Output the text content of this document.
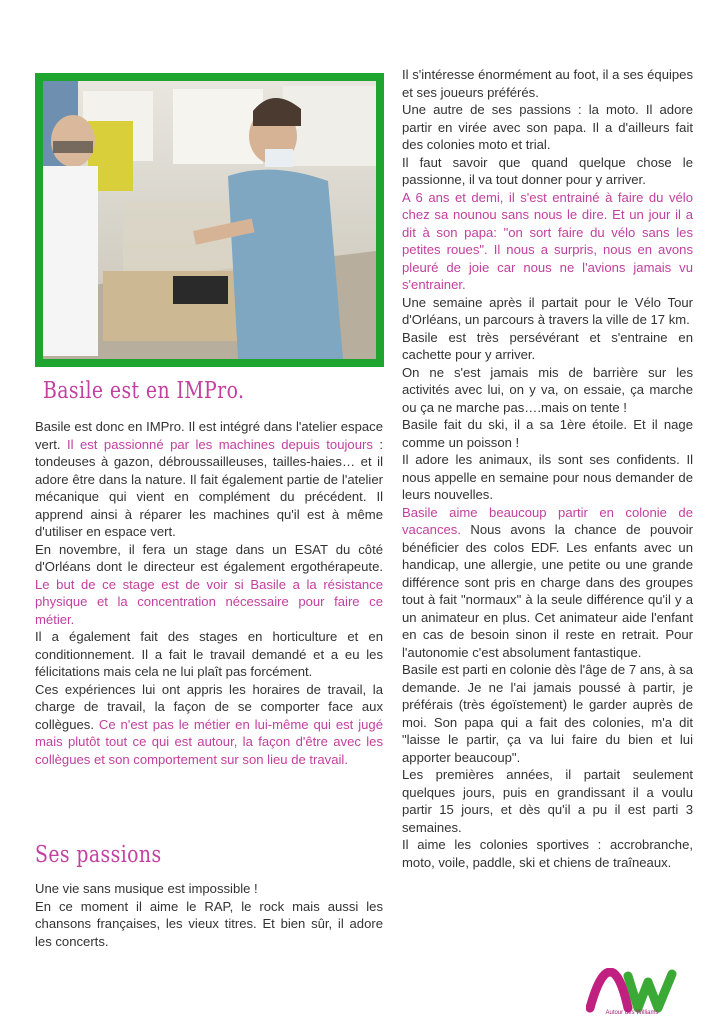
Basile est en IMPro.

Basile est donc en IMPro. Il est intégré dans l'atelier espace vert. Il est passionné par les machines depuis toujours : tondeuses à gazon, débroussailleuses, tailles-haies… et il adore être dans la nature. Il fait également partie de l'atelier mécanique qui vient en complément du précédent. Il apprend ainsi à réparer les machines qu'il est à même d'utiliser en espace vert.

En novembre, il fera un stage dans un ESAT du côté d'Orléans dont le directeur est également ergothérapeute. Le but de ce stage est de voir si Basile a la résistance physique et la concentration nécessaire pour faire ce métier.

Il a également fait des stages en horticulture et en conditionnement. Il a fait le travail demandé et a eu les félicitations mais cela ne lui plaît pas forcément.

Ces expériences lui ont appris les horaires de travail, la charge de travail, la façon de se comporter face aux collègues. Ce n'est pas le métier en lui-même qui est jugé mais plutôt tout ce qui est autour, la façon d'être avec les collègues et son comportement sur son lieu de travail.

Ses passions

Une vie sans musique est impossible !

En ce moment il aime le RAP, le rock mais aussi les chansons françaises, les vieux titres. Et bien sûr, il adore les concerts.

Il s'intéresse énormément au foot, il a ses équipes et ses joueurs préférés.

Une autre de ses passions : la moto. Il adore partir en virée avec son papa. Il a d'ailleurs fait des colonies moto et trial.

Il faut savoir que quand quelque chose le passionne, il va tout donner pour y arriver.

A 6 ans et demi, il s'est entrainé à faire du vélo chez sa nounou sans nous le dire. Et un jour il a dit à son papa: "on sort faire du vélo sans les petites roues". Il nous a surpris, nous en avons pleuré de joie car nous ne l'avions jamais vu s'entrainer.

Une semaine après il partait pour le Vélo Tour d'Orléans, un parcours à travers la ville de 17 km.

Basile est très persévérant et s'entraine en cachette pour y arriver.

On ne s'est jamais mis de barrière sur les activités avec lui, on y va, on essaie, ça marche ou ça ne marche pas….mais on tente !

Basile fait du ski, il a sa 1ère étoile. Et il nage comme un poisson !

Il adore les animaux, ils sont ses confidents. Il nous appelle en semaine pour nous demander de leurs nouvelles.

Basile aime beaucoup partir en colonie de vacances. Nous avons la chance de pouvoir bénéficier des colos EDF. Les enfants avec un handicap, une allergie, une petite ou une grande différence sont pris en charge dans des groupes tout à fait "normaux" à la seule différence qu'il y a un animateur en plus. Cet animateur aide l'enfant en cas de besoin sinon il reste en retrait. Pour l'autonomie c'est absolument fantastique.

Basile est parti en colonie dès l'âge de 7 ans, à sa demande. Je ne l'ai jamais poussé à partir, je préférais (très égoïstement) le garder auprès de moi. Son papa qui a fait des colonies, m'a dit "laisse le partir, ça va lui faire du bien et lui apporter beaucoup".

Les premières années, il partait seulement quelques jours, puis en grandissant il a voulu partir 15 jours, et dès qu'il a pu il est parti 3 semaines.

Il aime les colonies sportives : accrobranche, moto, voile, paddle, ski et chiens de traîneaux.

Autour des Williams
